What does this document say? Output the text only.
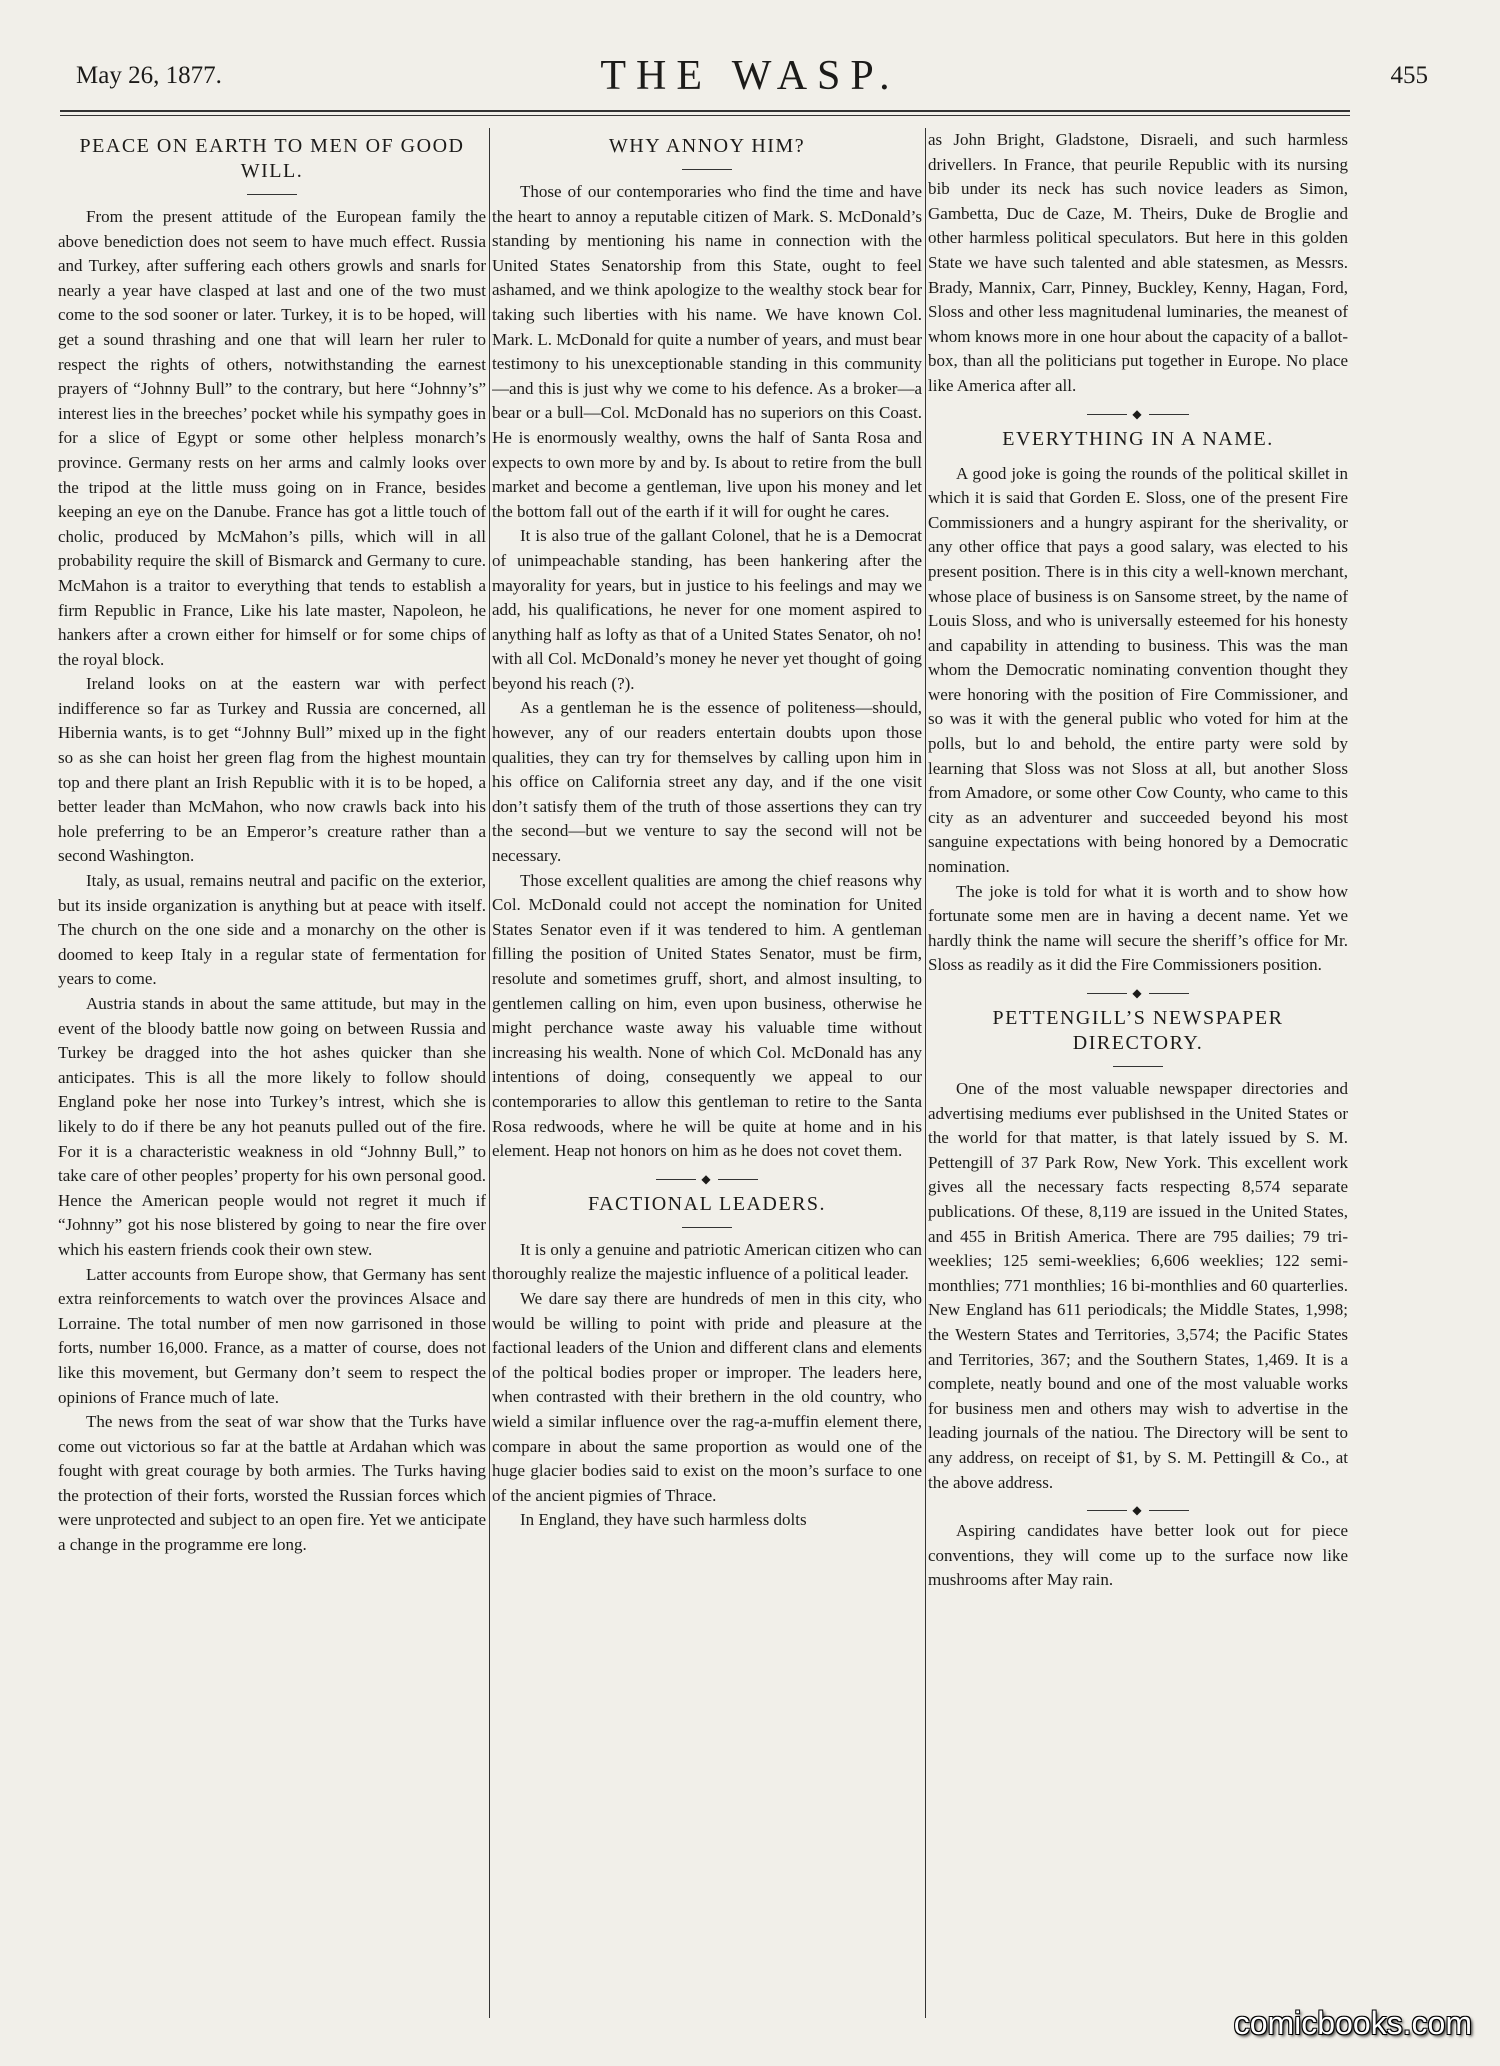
May 26, 1877.	THE WASP.	455
PEACE ON EARTH TO MEN OF GOOD WILL.

From the present attitude of the European family the above benediction does not seem to have much effect. Russia and Turkey, after suffering each others growls and snarls for nearly a year have clasped at last and one of the two must come to the sod sooner or later. Turkey, it is to be hoped, will get a sound thrashing and one that will learn her ruler to respect the rights of others, notwithstanding the earnest prayers of “Johnny Bull” to the contrary, but here “Johnny’s” interest lies in the breeches’ pocket while his sympathy goes in for a slice of Egypt or some other helpless monarch’s province. Germany rests on her arms and calmly looks over the tripod at the little muss going on in France, besides keeping an eye on the Danube. France has got a little touch of cholic, produced by McMahon’s pills, which will in all probability require the skill of Bismarck and Germany to cure. McMahon is a traitor to everything that tends to establish a firm Republic in France, Like his late master, Napoleon, he hankers after a crown either for himself or for some chips of the royal block.

Ireland looks on at the eastern war with perfect indifference so far as Turkey and Russia are concerned, all Hibernia wants, is to get “Johnny Bull” mixed up in the fight so as she can hoist her green flag from the highest mountain top and there plant an Irish Republic with it is to be hoped, a better leader than McMahon, who now crawls back into his hole preferring to be an Emperor’s creature rather than a second Washington.

Italy, as usual, remains neutral and pacific on the exterior, but its inside organization is anything but at peace with itself. The church on the one side and a monarchy on the other is doomed to keep Italy in a regular state of fermentation for years to come.

Austria stands in about the same attitude, but may in the event of the bloody battle now going on between Russia and Turkey be dragged into the hot ashes quicker than she anticipates. This is all the more likely to follow should England poke her nose into Turkey’s intrest, which she is likely to do if there be any hot peanuts pulled out of the fire. For it is a characteristic weakness in old “Johnny Bull,” to take care of other peoples’ property for his own personal good. Hence the American people would not regret it much if “Johnny” got his nose blistered by going to near the fire over which his eastern friends cook their own stew.

Latter accounts from Europe show, that Germany has sent extra reinforcements to watch over the provinces Alsace and Lorraine. The total number of men now garrisoned in those forts, number 16,000. France, as a matter of course, does not like this movement, but Germany don’t seem to respect the opinions of France much of late.

The news from the seat of war show that the Turks have come out victorious so far at the battle at Ardahan which was fought with great courage by both armies. The Turks having the protection of their forts, worsted the Russian forces which were unprotected and subject to an open fire. Yet we anticipate a change in the programme ere long.

WHY ANNOY HIM?

Those of our contemporaries who find the time and have the heart to annoy a reputable citizen of Mark. S. McDonald’s standing by mentioning his name in connection with the United States Senatorship from this State, ought to feel ashamed, and we think apologize to the wealthy stock bear for taking such liberties with his name. We have known Col. Mark. L. McDonald for quite a number of years, and must bear testimony to his unexceptionable standing in this community—and this is just why we come to his defence. As a broker—a bear or a bull—Col. McDonald has no superiors on this Coast. He is enormously wealthy, owns the half of Santa Rosa and expects to own more by and by. Is about to retire from the bull market and become a gentleman, live upon his money and let the bottom fall out of the earth if it will for ought he cares.

It is also true of the gallant Colonel, that he is a Democrat of unimpeachable standing, has been hankering after the mayorality for years, but in justice to his feelings and may we add, his qualifications, he never for one moment aspired to anything half as lofty as that of a United States Senator, oh no! with all Col. McDonald’s money he never yet thought of going beyond his reach (?).

As a gentleman he is the essence of politeness—should, however, any of our readers entertain doubts upon those qualities, they can try for themselves by calling upon him in his office on California street any day, and if the one visit don’t satisfy them of the truth of those assertions they can try the second—but we venture to say the second will not be necessary.

Those excellent qualities are among the chief reasons why Col. McDonald could not accept the nomination for United States Senator even if it was tendered to him. A gentleman filling the position of United States Senator, must be firm, resolute and sometimes gruff, short, and almost insulting, to gentlemen calling on him, even upon business, otherwise he might perchance waste away his valuable time without increasing his wealth. None of which Col. McDonald has any intentions of doing, consequently we appeal to our contemporaries to allow this gentleman to retire to the Santa Rosa redwoods, where he will be quite at home and in his element. Heap not honors on him as he does not covet them.

◆
FACTIONAL LEADERS.

It is only a genuine and patriotic American citizen who can thoroughly realize the majestic influence of a political leader.

We dare say there are hundreds of men in this city, who would be willing to point with pride and pleasure at the factional leaders of the Union and different clans and elements of the poltical bodies proper or improper. The leaders here, when contrasted with their brethern in the old country, who wield a similar influence over the rag-a-muffin element there, compare in about the same proportion as would one of the huge glacier bodies said to exist on the moon’s surface to one of the ancient pigmies of Thrace.

In England, they have such harmless dolts

as John Bright, Gladstone, Disraeli, and such harmless drivellers. In France, that peurile Republic with its nursing bib under its neck has such novice leaders as Simon, Gambetta, Duc de Caze, M. Theirs, Duke de Broglie and other harmless political speculators. But here in this golden State we have such talented and able statesmen, as Messrs. Brady, Mannix, Carr, Pinney, Buckley, Kenny, Hagan, Ford, Sloss and other less magnitudenal luminaries, the meanest of whom knows more in one hour about the capacity of a ballot-box, than all the politicians put together in Europe. No place like America after all.

◆
EVERYTHING IN A NAME.

A good joke is going the rounds of the political skillet in which it is said that Gorden E. Sloss, one of the present Fire Commissioners and a hungry aspirant for the sherivality, or any other office that pays a good salary, was elected to his present position. There is in this city a well-known merchant, whose place of business is on Sansome street, by the name of Louis Sloss, and who is universally esteemed for his honesty and capability in attending to business. This was the man whom the Democratic nominating convention thought they were honoring with the position of Fire Commissioner, and so was it with the general public who voted for him at the polls, but lo and behold, the entire party were sold by learning that Sloss was not Sloss at all, but another Sloss from Amadore, or some other Cow County, who came to this city as an adventurer and succeeded beyond his most sanguine expectations with being honored by a Democratic nomination.

The joke is told for what it is worth and to show how fortunate some men are in having a decent name. Yet we hardly think the name will secure the sheriff’s office for Mr. Sloss as readily as it did the Fire Commissioners position.

◆
PETTENGILL’S NEWSPAPER DIRECTORY.

One of the most valuable newspaper directories and advertising mediums ever publishsed in the United States or the world for that matter, is that lately issued by S. M. Pettengill of 37 Park Row, New York. This excellent work gives all the necessary facts respecting 8,574 separate publications. Of these, 8,119 are issued in the United States, and 455 in British America. There are 795 dailies; 79 tri-weeklies; 125 semi-weeklies; 6,606 weeklies; 122 semi-monthlies; 771 monthlies; 16 bi-monthlies and 60 quarterlies. New England has 611 periodicals; the Middle States, 1,998; the Western States and Territories, 3,574; the Pacific States and Territories, 367; and the Southern States, 1,469. It is a complete, neatly bound and one of the most valuable works for business men and others may wish to advertise in the leading journals of the natiou. The Directory will be sent to any address, on receipt of $1, by S. M. Pettingill & Co., at the above address.

◆

Aspiring candidates have better look out for piece conventions, they will come up to the surface now like mushrooms after May rain.

comicbooks.com
